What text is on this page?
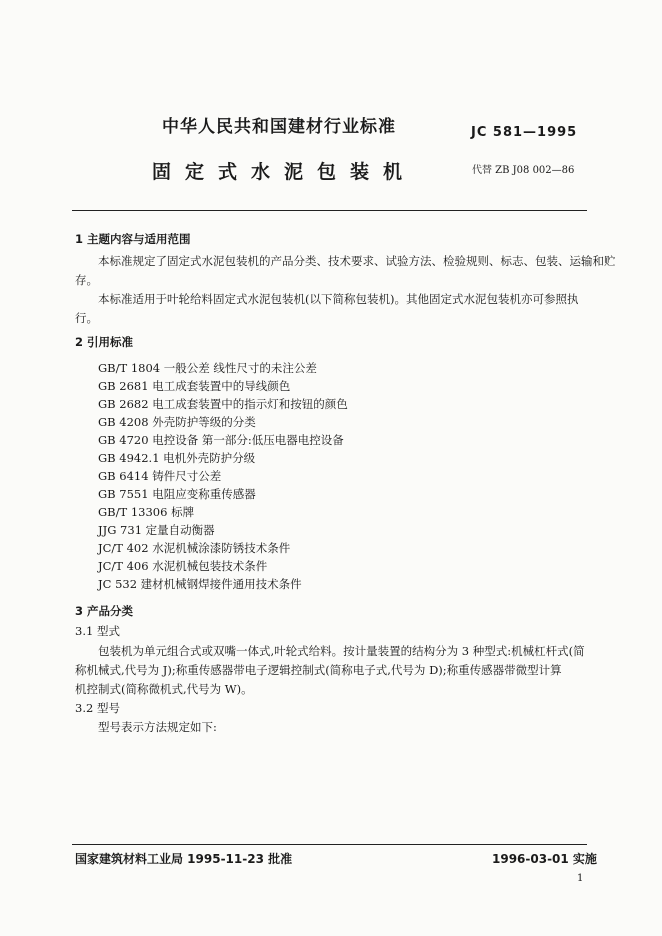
中华人民共和国建材行业标准	JC 581—1995
固定式水泥包装机	代替 ZB J08 002—86
1 主题内容与适用范围
本标准规定了固定式水泥包装机的产品分类、技术要求、试验方法、检验规则、标志、包装、运输和贮
存。
本标准适用于叶轮给料固定式水泥包装机(以下简称包装机)。其他固定式水泥包装机亦可参照执
行。
2 引用标准
GB/T 1804 一般公差 线性尺寸的未注公差
GB 2681 电工成套装置中的导线颜色
GB 2682 电工成套装置中的指示灯和按钮的颜色
GB 4208 外壳防护等级的分类
GB 4720 电控设备 第一部分:低压电器电控设备
GB 4942.1 电机外壳防护分级
GB 6414 铸件尺寸公差
GB 7551 电阻应变称重传感器
GB/T 13306 标牌
JJG 731 定量自动衡器
JC/T 402 水泥机械涂漆防锈技术条件
JC/T 406 水泥机械包装技术条件
JC 532 建材机械钢焊接件通用技术条件
3 产品分类
3.1 型式
包装机为单元组合式或双嘴一体式,叶轮式给料。按计量装置的结构分为 3 种型式:机械杠杆式(简
称机械式,代号为 J);称重传感器带电子逻辑控制式(简称电子式,代号为 D);称重传感器带微型计算
机控制式(简称微机式,代号为 W)。
3.2 型号
型号表示方法规定如下:
国家建筑材料工业局 1995-11-23 批准	1996-03-01 实施
1
